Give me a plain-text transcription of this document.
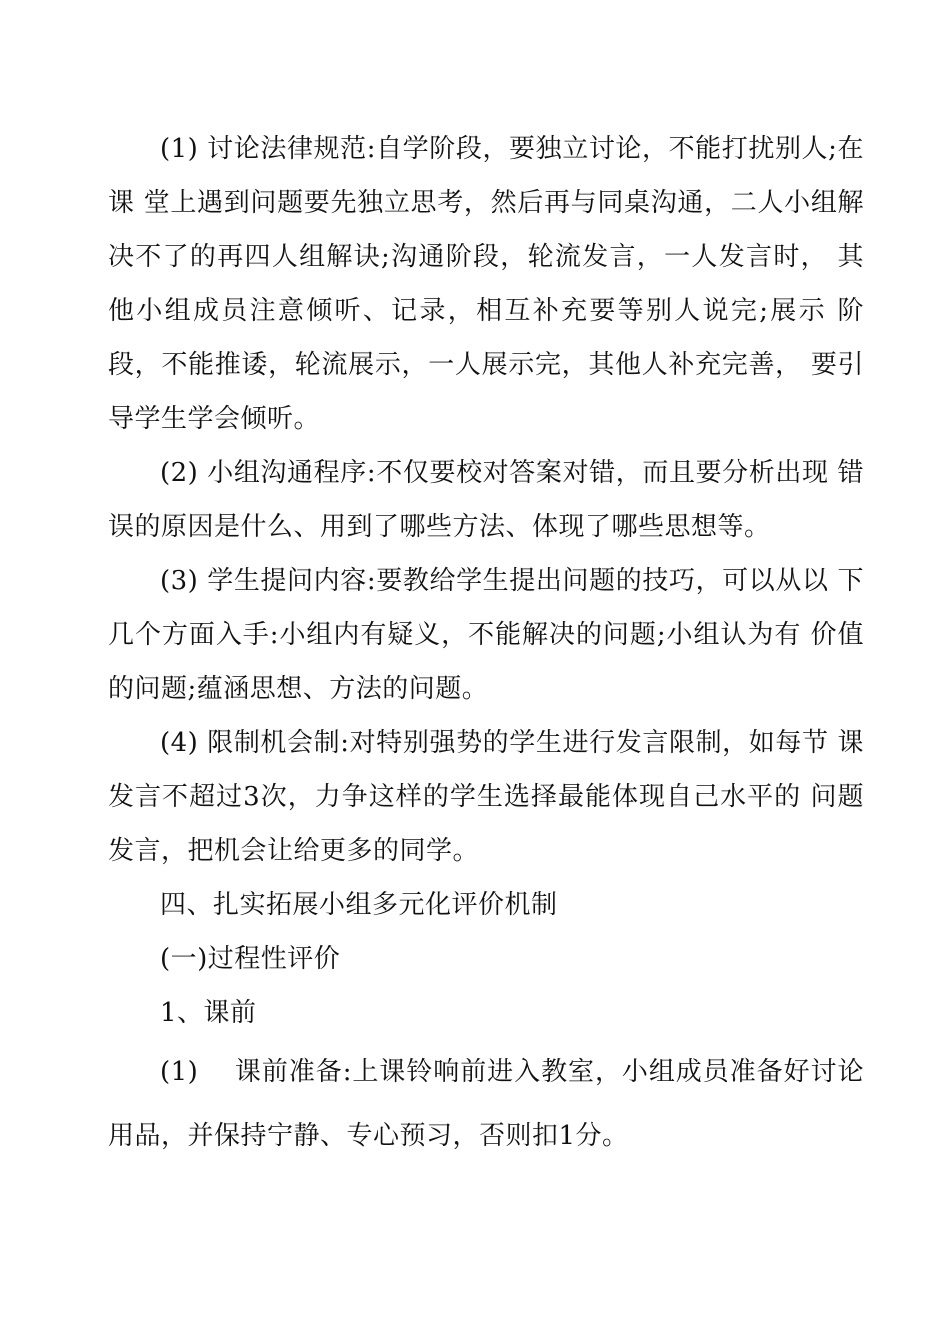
(1) 讨论法律规范:自学阶段，要独立讨论，不能打扰别人;在课 堂上遇到问题要先独立思考，然后再与同桌沟通，二人小组解决不了的再四人组解诀;沟通阶段，轮流发言，一人发言时， 其他小组成员注意倾听、记录，相互补充要等别人说完;展示 阶段，不能推诿，轮流展示，一人展示完，其他人补充完善， 要引导学生学会倾听。

(2) 小组沟通程序:不仅要校对答案对错，而且要分析出现 错误的原因是什么、用到了哪些方法、体现了哪些思想等。

(3) 学生提问内容:要教给学生提出问题的技巧，可以从以 下几个方面入手:小组内有疑义，不能解决的问题;小组认为有 价值的问题;蕴涵思想、方法的问题。

(4) 限制机会制:对特别强势的学生进行发言限制，如每节 课发言不超过3次，力争这样的学生选择最能体现自己水平的 问题发言，把机会让给更多的同学。

四、扎实拓展小组多元化评价机制

(一)过程性评价

1、课前

(1)　 课前准备:上课铃响前进入教室，小组成员准备好讨论用品，并保持宁静、专心预习，否则扣1分。
